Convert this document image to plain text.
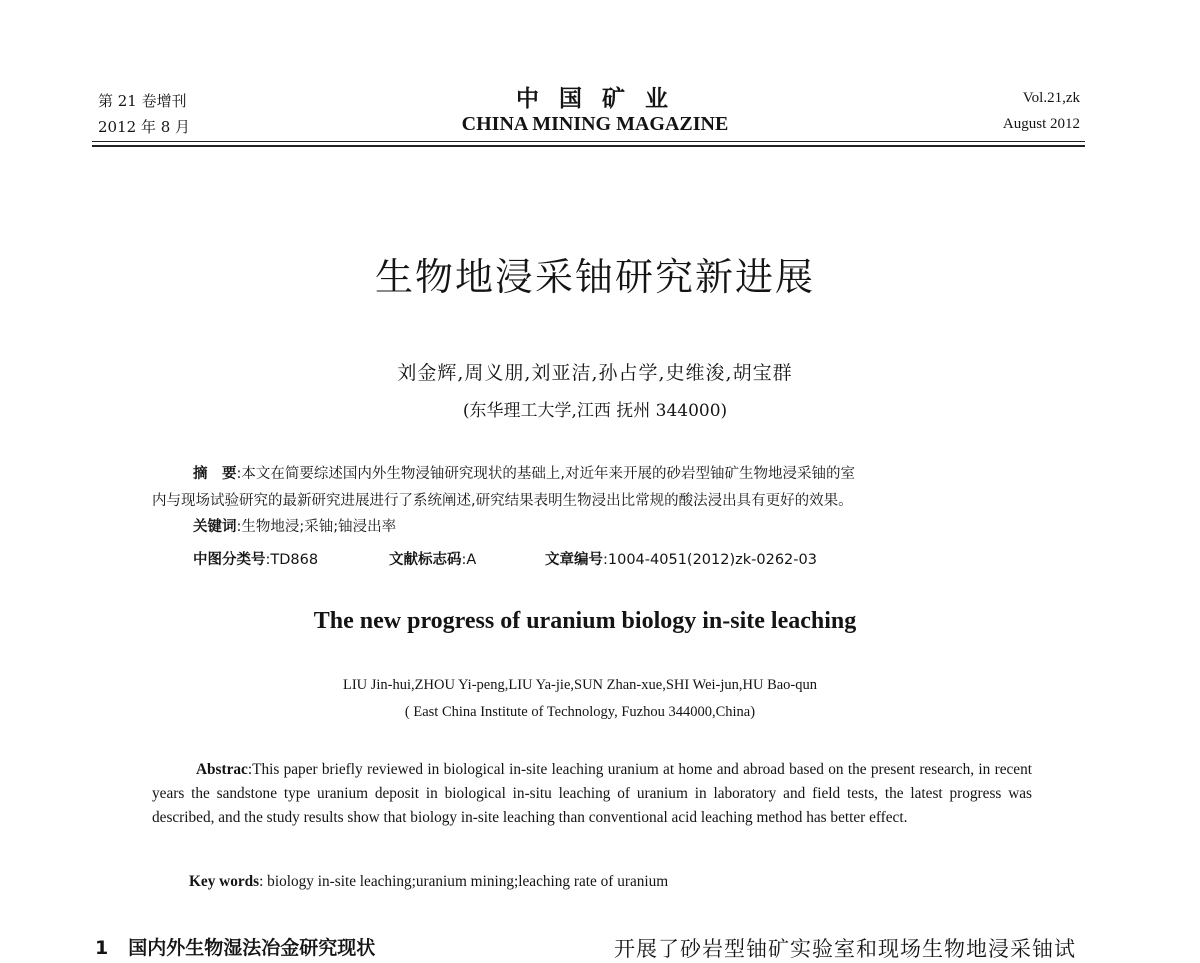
第 21 卷增刊
2012 年 8 月
中 国 矿 业
CHINA MINING MAGAZINE
Vol.21,zk
August 2012
生物地浸采铀研究新进展
刘金辉,周义朋,刘亚洁,孙占学,史维浚,胡宝群
(东华理工大学,江西 抚州 344000)
摘　要:本文在简要综述国内外生物浸铀研究现状的基础上,对近年来开展的砂岩型铀矿生物地浸采铀的室
内与现场试验研究的最新研究进展进行了系统阐述,研究结果表明生物浸出比常规的酸法浸出具有更好的效果。
关键词:生物地浸;采铀;铀浸出率
中图分类号:TD868	文献标志码:A	文章编号:1004-4051(2012)zk-0262-03
The new progress of uranium biology in-site leaching
LIU Jin-hui,ZHOU Yi-peng,LIU Ya-jie,SUN Zhan-xue,SHI Wei-jun,HU Bao-qun
( East China Institute of Technology, Fuzhou 344000,China)

Abstrac:This paper briefly reviewed in biological in-site leaching uranium at home and abroad based on the present research, in recent years the sandstone type uranium deposit in biological in-situ leaching of uranium in laboratory and field tests, the latest progress was described, and the study results show that biology in-site leaching than conventional acid leaching method has better effect.

Key words: biology in-site leaching;uranium mining;leaching rate of uranium
1 国内外生物湿法冶金研究现状	开展了砂岩型铀矿实验室和现场生物地浸采铀试
